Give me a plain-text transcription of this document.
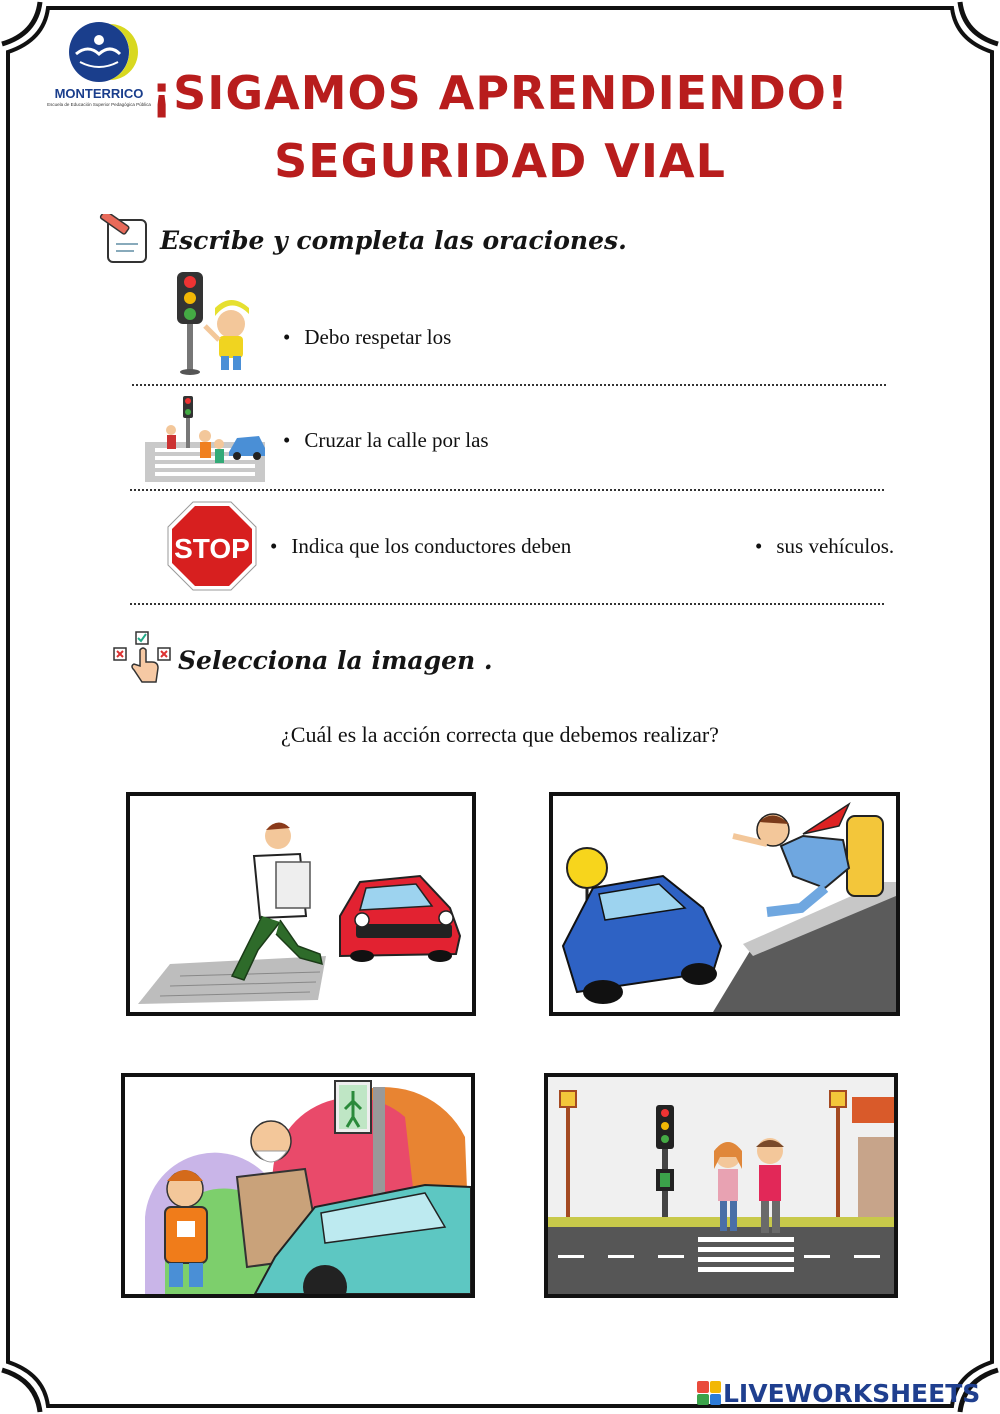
MONTERRICO
Escuela de Educación Superior Pedagógica Pública ¡SIGAMOS APRENDIENDO!
SEGURIDAD VIAL
Escribe y completa las oraciones.
• Debo respetar los
• Cruzar la calle por las
STOP	• Indica que los conductores deben	• sus vehículos.
Selecciona la imagen .
¿Cuál es la acción correcta que debemos realizar?
LIVEWORKSHEETS
